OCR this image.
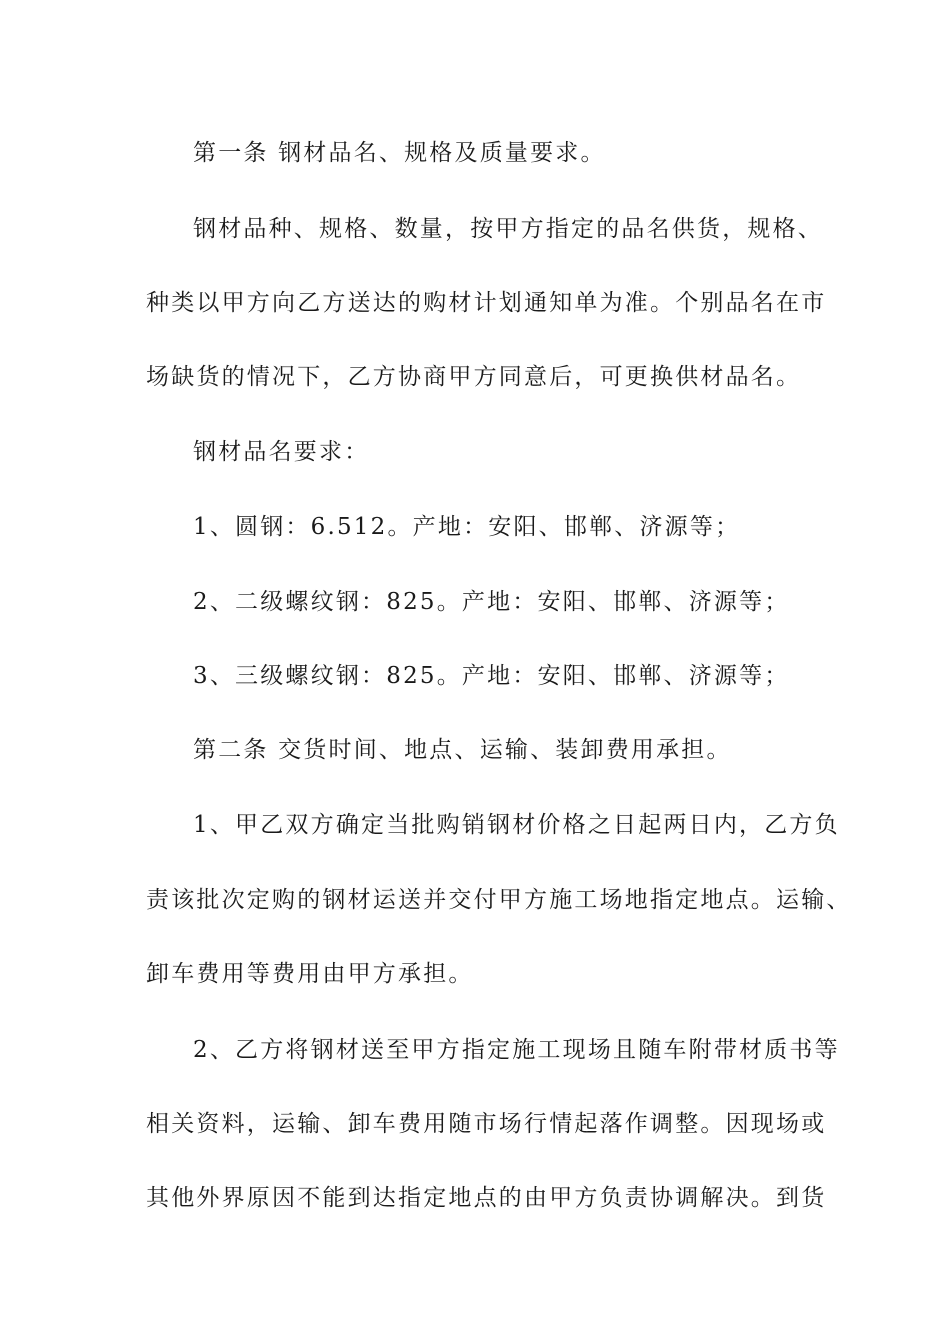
第一条 钢材品名、规格及质量要求。
钢材品种、规格、数量，按甲方指定的品名供货，规格、
种类以甲方向乙方送达的购材计划通知单为准。个别品名在市
场缺货的情况下，乙方协商甲方同意后，可更换供材品名。
钢材品名要求：
1、圆钢：6.512。产地：安阳、邯郸、济源等；
2、二级螺纹钢：825。产地：安阳、邯郸、济源等；
3、三级螺纹钢：825。产地：安阳、邯郸、济源等；
第二条 交货时间、地点、运输、装卸费用承担。
1、甲乙双方确定当批购销钢材价格之日起两日内，乙方负
责该批次定购的钢材运送并交付甲方施工场地指定地点。运输、
卸车费用等费用由甲方承担。
2、乙方将钢材送至甲方指定施工现场且随车附带材质书等
相关资料，运输、卸车费用随市场行情起落作调整。因现场或
其他外界原因不能到达指定地点的由甲方负责协调解决。到货
